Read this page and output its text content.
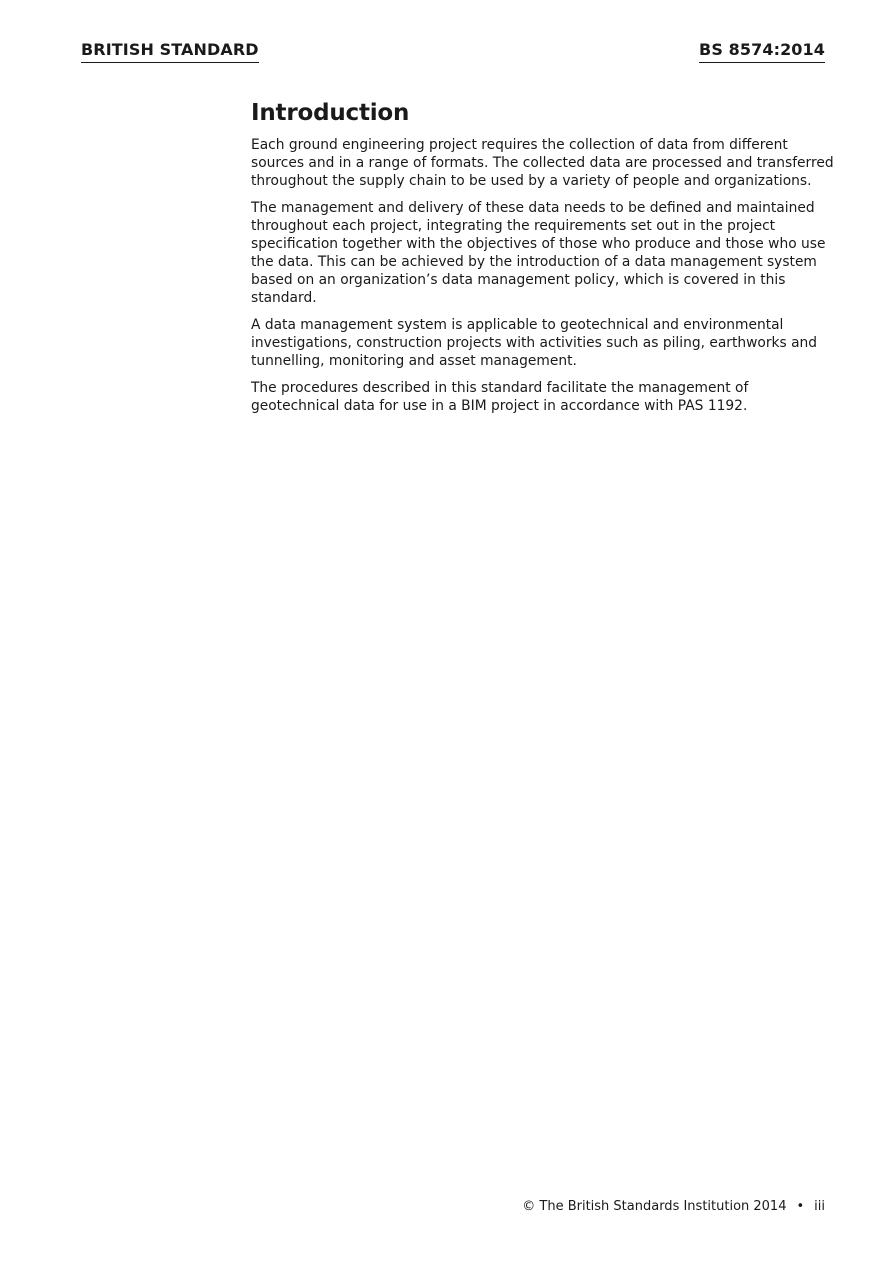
BRITISH STANDARD	BS 8574:2014
Introduction

Each ground engineering project requires the collection of data from different sources and in a range of formats. The collected data are processed and transferred throughout the supply chain to be used by a variety of people and organizations.

The management and delivery of these data needs to be defined and maintained throughout each project, integrating the requirements set out in the project specification together with the objectives of those who produce and those who use the data. This can be achieved by the introduction of a data management system based on an organization’s data management policy, which is covered in this standard.

A data management system is applicable to geotechnical and environmental investigations, construction projects with activities such as piling, earthworks and tunnelling, monitoring and asset management.

The procedures described in this standard facilitate the management of geotechnical data for use in a BIM project in accordance with PAS 1192.

© The British Standards Institution 2014 • iii
